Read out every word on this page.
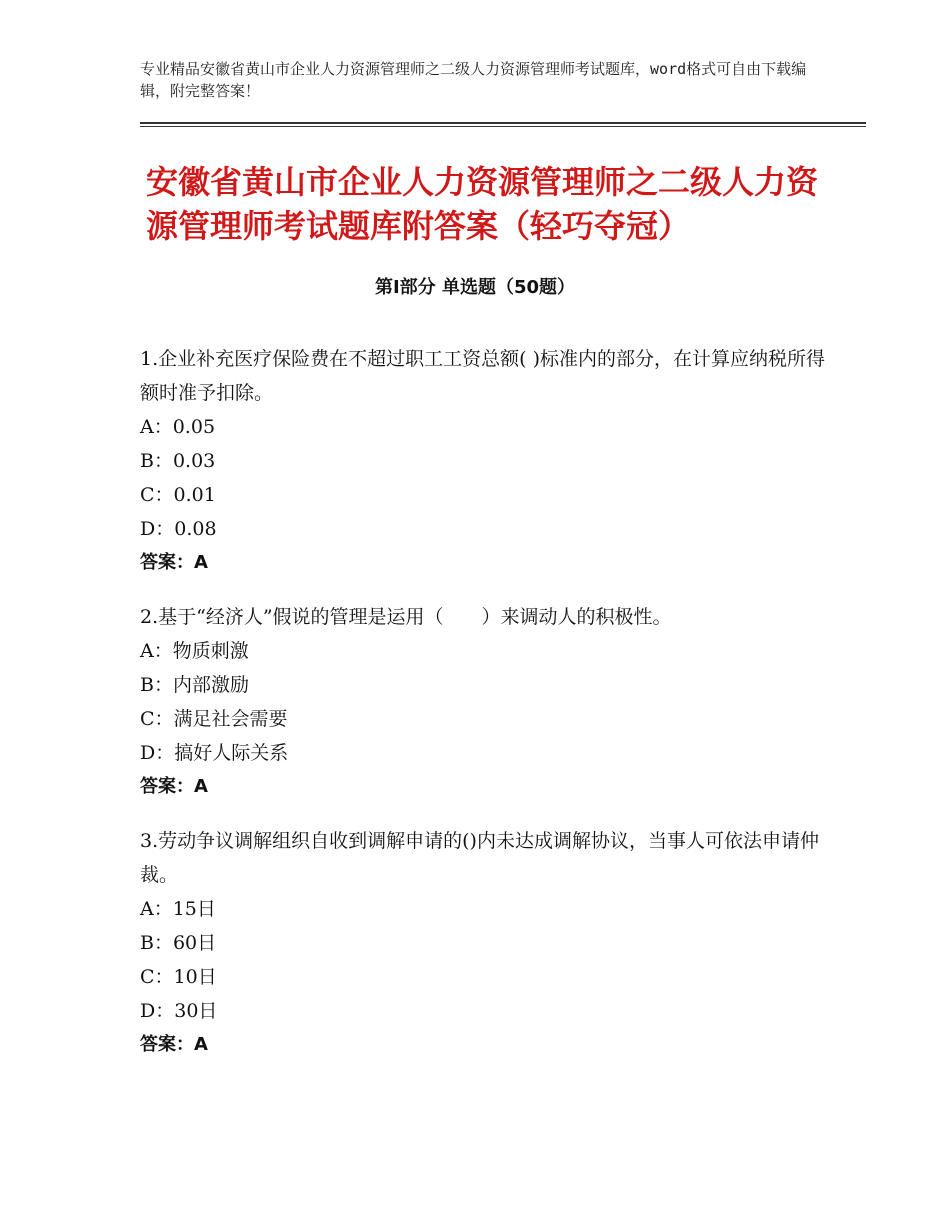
专业精品安徽省黄山市企业人力资源管理师之二级人力资源管理师考试题库，word格式可自由下载编辑，附完整答案！

安徽省黄山市企业人力资源管理师之二级人力资源管理师考试题库附答案（轻巧夺冠）
第Ⅰ部分 单选题（50题）

1.企业补充医疗保险费在不超过职工工资总额( )标准内的部分，在计算应纳税所得额时准予扣除。

A：0.05

B：0.03

C：0.01

D：0.08

答案：A

2.基于“经济人”假说的管理是运用（　　）来调动人的积极性。

A：物质刺激

B：内部激励

C：满足社会需要

D：搞好人际关系

答案：A

3.劳动争议调解组织自收到调解申请的()内未达成调解协议，当事人可依法申请仲裁。

A：15日

B：60日

C：10日

D：30日

答案：A
